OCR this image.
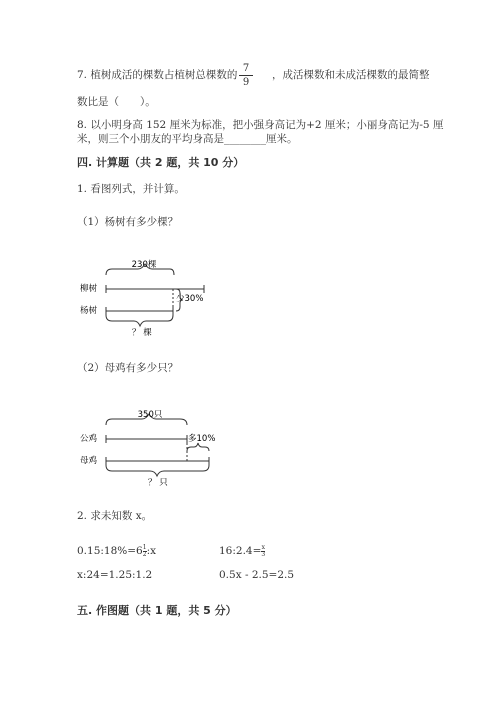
7. 植树成活的棵数占植树总棵数的
7
9
，成活棵数和未成活棵数的最简整
数比是（　　）。
8. 以小明身高 152 厘米为标准，把小强身高记为+2 厘米；小丽身高记为-5 厘
米，则三个小朋友的平均身高是________厘米。
四. 计算题（共 2 题，共 10 分）
1. 看图列式，并计算。
（1）杨树有多少棵？
230棵
柳树
杨树
少30%
？ 棵
（2）母鸡有多少只？
350只
公鸡
母鸡
多10%
？ 只
2. 求未知数 x。
0.15:18%=6 $\frac{1}{2}$ :x	16:2.4= $\frac{x}{3}$
x:24=1.25:1.2	0.5x - 2.5=2.5
五. 作图题（共 1 题，共 5 分）
